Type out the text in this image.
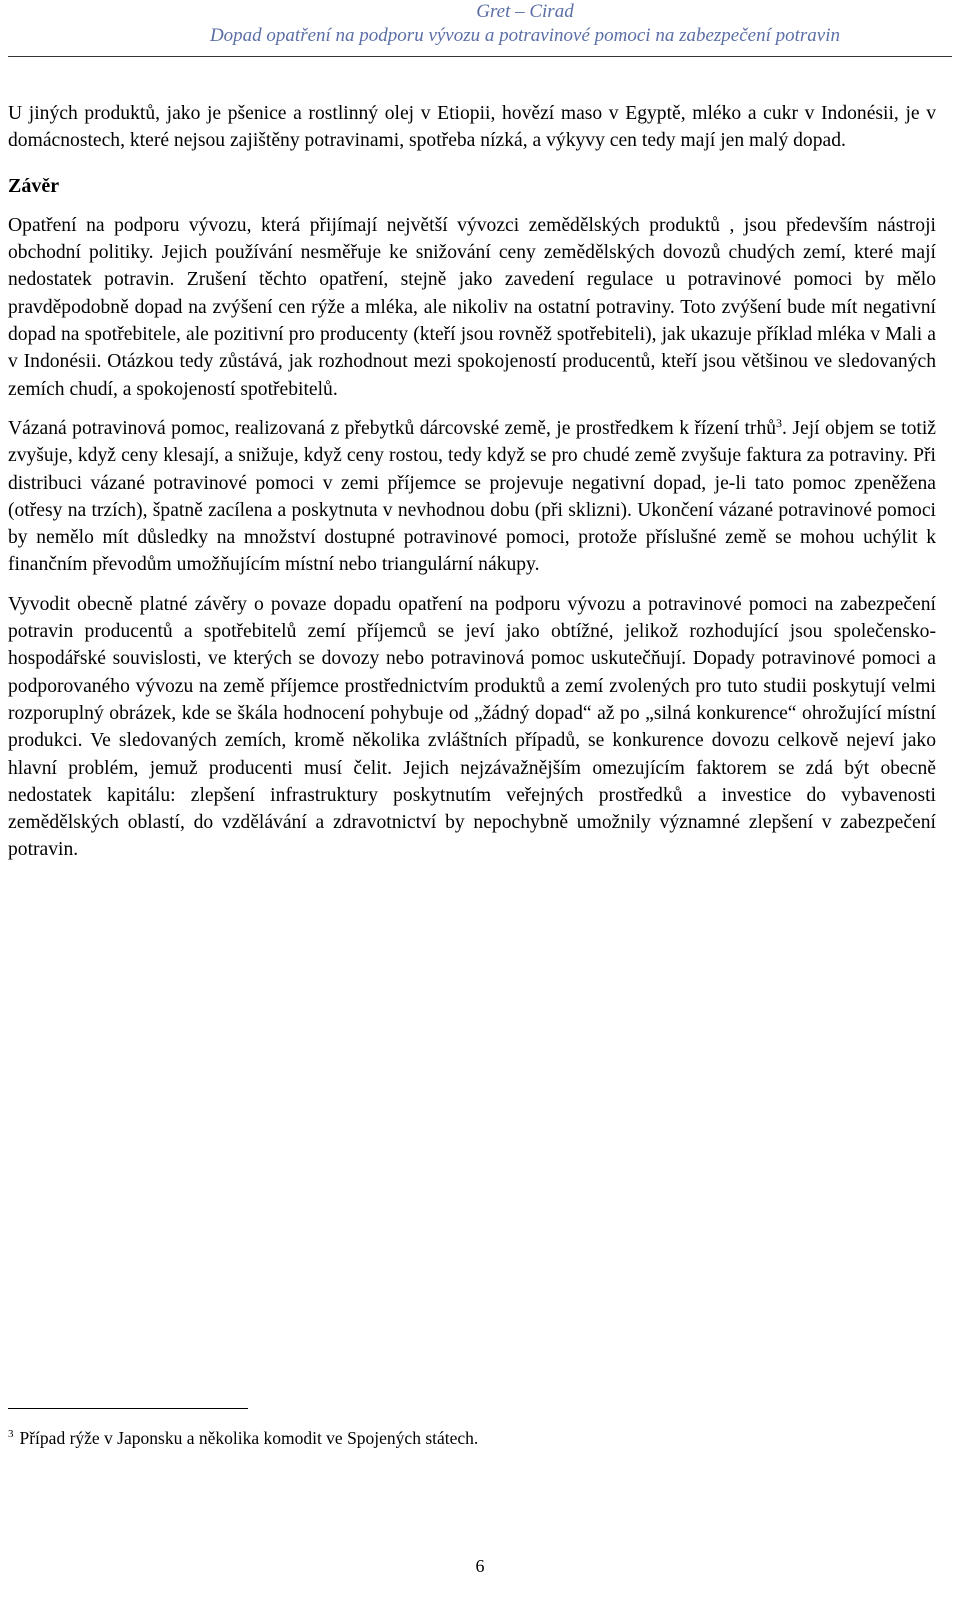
Gret – Cirad
Dopad opatření na podporu vývozu a potravinové pomoci na zabezpečení potravin

U jiných produktů, jako je pšenice a rostlinný olej v Etiopii, hovězí maso v Egyptě, mléko a cukr v Indonésii, je v domácnostech, které nejsou zajištěny potravinami, spotřeba nízká, a výkyvy cen tedy mají jen malý dopad.

Závěr

Opatření na podporu vývozu, která přijímají největší vývozci zemědělských produktů , jsou především nástroji obchodní politiky. Jejich používání nesměřuje ke snižování ceny zemědělských dovozů chudých zemí, které mají nedostatek potravin. Zrušení těchto opatření, stejně jako zavedení regulace u potravinové pomoci by mělo pravděpodobně dopad na zvýšení cen rýže a mléka, ale nikoliv na ostatní potraviny. Toto zvýšení bude mít negativní dopad na spotřebitele, ale pozitivní pro producenty (kteří jsou rovněž spotřebiteli), jak ukazuje příklad mléka v Mali a v Indonésii. Otázkou tedy zůstává, jak rozhodnout mezi spokojeností producentů, kteří jsou většinou ve sledovaných zemích chudí, a spokojeností spotřebitelů.

Vázaná potravinová pomoc, realizovaná z přebytků dárcovské země, je prostředkem k řízení trhů$^3$. Její objem se totiž zvyšuje, když ceny klesají, a snižuje, když ceny rostou, tedy když se pro chudé země zvyšuje faktura za potraviny. Při distribuci vázané potravinové pomoci v zemi příjemce se projevuje negativní dopad, je-li tato pomoc zpeněžena (otřesy na trzích), špatně zacílena a poskytnuta v nevhodnou dobu (při sklizni). Ukončení vázané potravinové pomoci by nemělo mít důsledky na množství dostupné potravinové pomoci, protože příslušné země se mohou uchýlit k finančním převodům umožňujícím místní nebo triangulární nákupy.

Vyvodit obecně platné závěry o povaze dopadu opatření na podporu vývozu a potravinové pomoci na zabezpečení potravin producentů a spotřebitelů zemí příjemců se jeví jako obtížné, jelikož rozhodující jsou společensko-hospodářské souvislosti, ve kterých se dovozy nebo potravinová pomoc uskutečňují. Dopady potravinové pomoci a podporovaného vývozu na země příjemce prostřednictvím produktů a zemí zvolených pro tuto studii poskytují velmi rozporuplný obrázek, kde se škála hodnocení pohybuje od „žádný dopad“ až po „silná konkurence“ ohrožující místní produkci. Ve sledovaných zemích, kromě několika zvláštních případů, se konkurence dovozu celkově nejeví jako hlavní problém, jemuž producenti musí čelit. Jejich nejzávažnějším omezujícím faktorem se zdá být obecně nedostatek kapitálu: zlepšení infrastruktury poskytnutím veřejných prostředků a investice do vybavenosti zemědělských oblastí, do vzdělávání a zdravotnictví by nepochybně umožnily významné zlepšení v zabezpečení potravin.

$^3$ Případ rýže v Japonsku a několika komodit ve Spojených státech.
6
